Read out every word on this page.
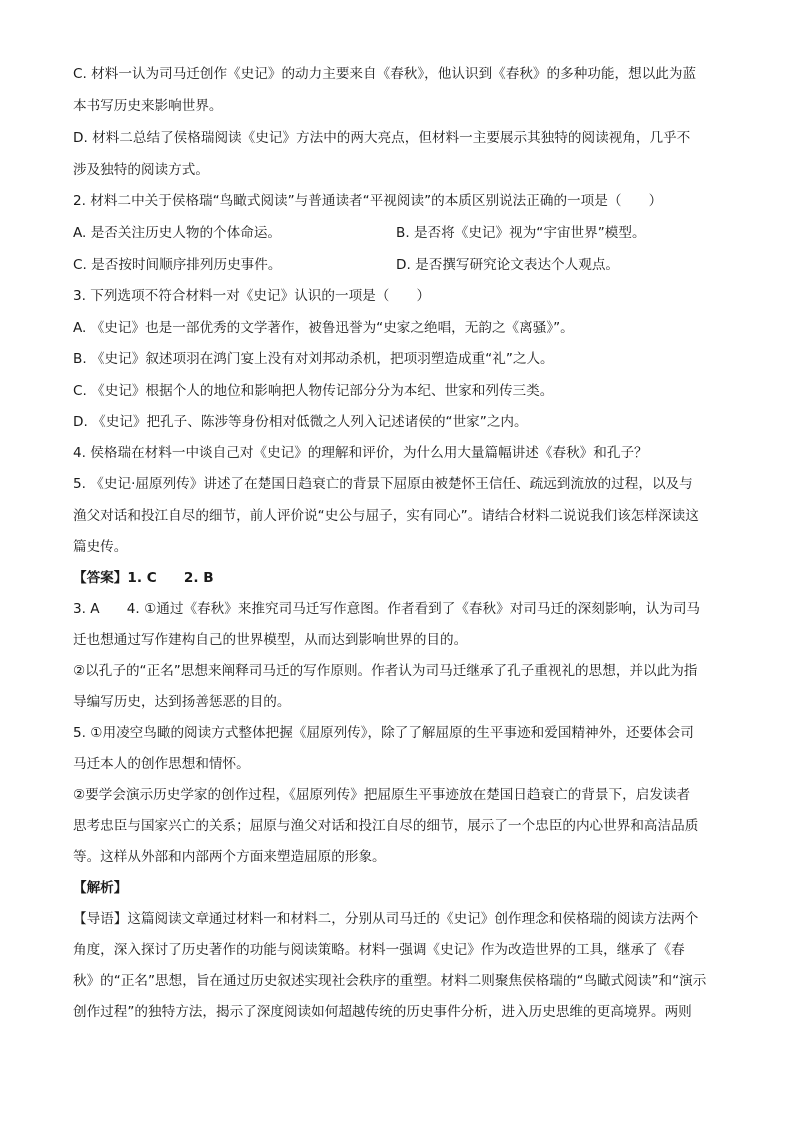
C. 材料一认为司马迁创作《史记》的动力主要来自《春秋》，他认识到《春秋》的多种功能，想以此为蓝
本书写历史来影响世界。
D. 材料二总结了侯格瑞阅读《史记》方法中的两大亮点，但材料一主要展示其独特的阅读视角，几乎不
涉及独特的阅读方式。
2. 材料二中关于侯格瑞“鸟瞰式阅读”与普通读者“平视阅读”的本质区别说法正确的一项是（　　）
A. 是否关注历史人物的个体命运。	B. 是否将《史记》视为“宇宙世界”模型。
C. 是否按时间顺序排列历史事件。	D. 是否撰写研究论文表达个人观点。
3. 下列选项不符合材料一对《史记》认识的一项是（　　）
A. 《史记》也是一部优秀的文学著作，被鲁迅誉为“史家之绝唱，无韵之《离骚》”。
B. 《史记》叙述项羽在鸿门宴上没有对刘邦动杀机，把项羽塑造成重“礼”之人。
C. 《史记》根据个人的地位和影响把人物传记部分分为本纪、世家和列传三类。
D. 《史记》把孔子、陈涉等身份相对低微之人列入记述诸侯的“世家”之内。
4. 侯格瑞在材料一中谈自己对《史记》的理解和评价，为什么用大量篇幅讲述《春秋》和孔子？
5. 《史记·屈原列传》讲述了在楚国日趋衰亡的背景下屈原由被楚怀王信任、疏远到流放的过程，以及与
渔父对话和投江自尽的细节，前人评价说“史公与屈子，实有同心”。请结合材料二说说我们该怎样深读这
篇史传。
【答案】1. C　　2. B
3. A　　4. ①通过《春秋》来推究司马迁写作意图。作者看到了《春秋》对司马迁的深刻影响，认为司马
迁也想通过写作建构自己的世界模型，从而达到影响世界的目的。
②以孔子的“正名”思想来阐释司马迁的写作原则。作者认为司马迁继承了孔子重视礼的思想，并以此为指
导编写历史，达到扬善惩恶的目的。
5. ①用凌空鸟瞰的阅读方式整体把握《屈原列传》，除了了解屈原的生平事迹和爱国精神外，还要体会司
马迁本人的创作思想和情怀。
②要学会演示历史学家的创作过程，《屈原列传》把屈原生平事迹放在楚国日趋衰亡的背景下，启发读者
思考忠臣与国家兴亡的关系；屈原与渔父对话和投江自尽的细节，展示了一个忠臣的内心世界和高洁品质
等。这样从外部和内部两个方面来塑造屈原的形象。
【解析】
【导语】这篇阅读文章通过材料一和材料二，分别从司马迁的《史记》创作理念和侯格瑞的阅读方法两个
角度，深入探讨了历史著作的功能与阅读策略。材料一强调《史记》作为改造世界的工具，继承了《春
秋》的“正名”思想，旨在通过历史叙述实现社会秩序的重塑。材料二则聚焦侯格瑞的“鸟瞰式阅读”和“演示
创作过程”的独特方法，揭示了深度阅读如何超越传统的历史事件分析，进入历史思维的更高境界。两则
